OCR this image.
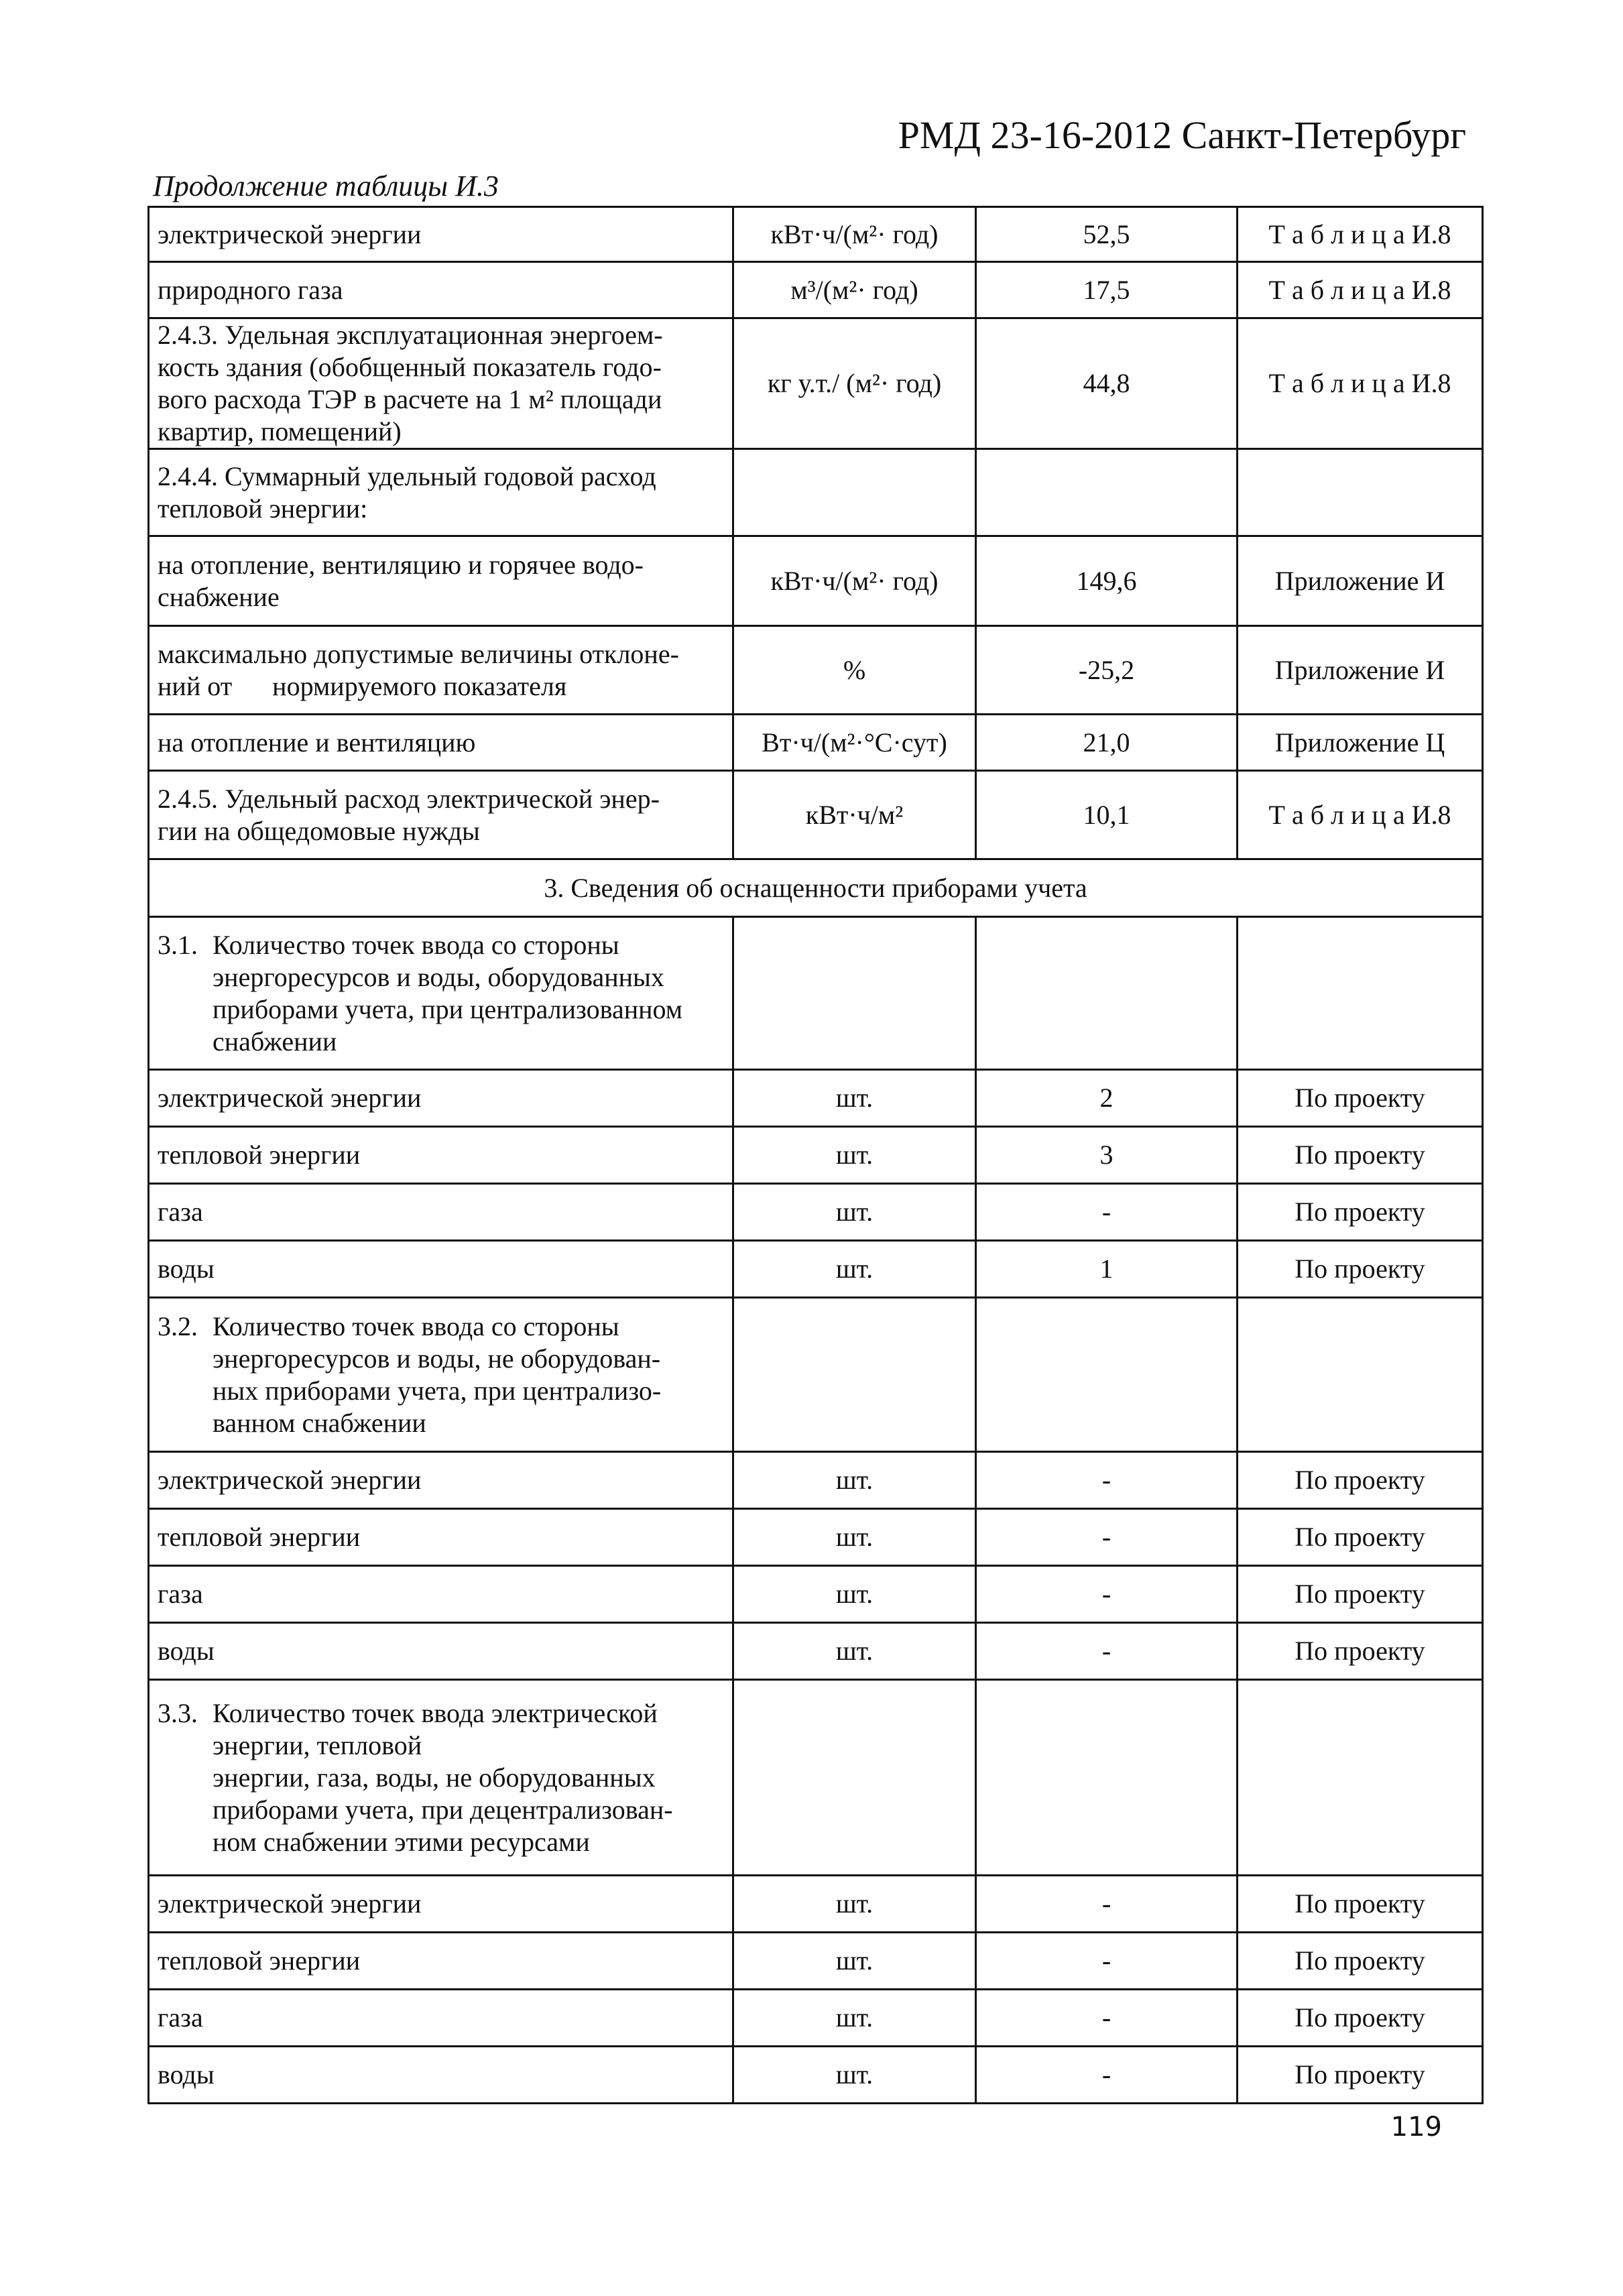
РМД 23-16-2012 Санкт-Петербург
Продолжение таблицы И.3
электрической энергии	кВт·ч/(м²· год)	52,5	Т а б л и ц а И.8

природного газа	м³/(м²· год)	17,5	Т а б л и ц а И.8

2.4.3. Удельная эксплуатационная энергоем-
кость здания (обобщенный показатель годо-
вого расхода ТЭР в расчете на 1 м² площади
квартир, помещений)	кг у.т./ (м²· год)	44,8	Т а б л и ц а И.8

2.4.4. Суммарный удельный годовой расход
тепловой энергии:			

на отопление, вентиляцию и горячее водо-
снабжение	кВт·ч/(м²· год)	149,6	Приложение И

максимально допустимые величины отклоне-
ний от      нормируемого показателя	%	-25,2	Приложение И

на отопление и вентиляцию	Вт·ч/(м²·°С·сут)	21,0	Приложение Ц

2.4.5. Удельный расход электрической энер-
гии на общедомовые нужды	кВт·ч/м²	10,1	Т а б л и ц а И.8
3. Сведения об оснащенности приборами учета			

3.1. Количество точек ввода со стороны
энергоресурсов и воды, оборудованных
приборами учета, при централизованном
снабжении			

электрической энергии	шт.	2	По проекту
тепловой энергии	шт.	3	По проекту
газа	шт.	-	По проекту
воды	шт.	1	По проекту

3.2. Количество точек ввода со стороны
энергоресурсов и воды, не оборудован-
ных приборами учета, при централизо-
ванном снабжении			

электрической энергии	шт.	-	По проекту
тепловой энергии	шт.	-	По проекту
газа	шт.	-	По проекту
воды	шт.	-	По проекту

3.3. Количество точек ввода электрической
энергии, тепловой
энергии, газа, воды, не оборудованных
приборами учета, при децентрализован-
ном снабжении этими ресурсами			

электрической энергии	шт.	-	По проекту
тепловой энергии	шт.	-	По проекту
газа	шт.	-	По проекту
воды	шт.	-	По проекту
119
